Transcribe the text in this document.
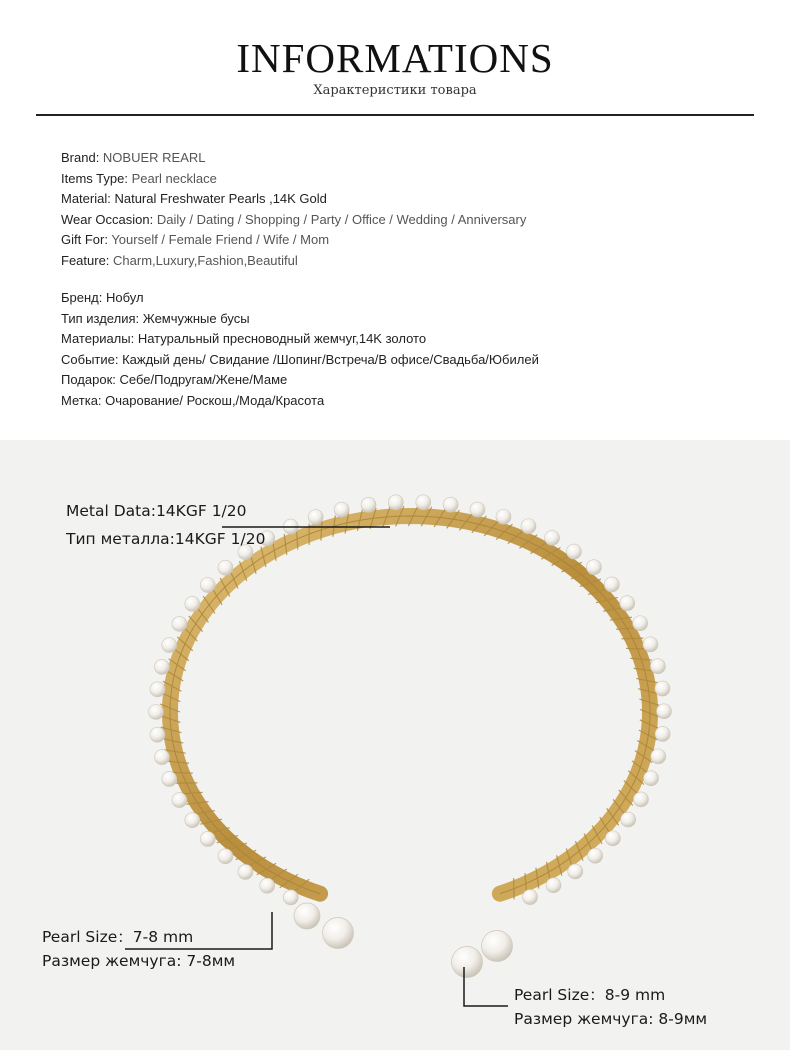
INFORMATIONS
Характеристики товара
Brand: NOBUER REARL
Items Type: Pearl necklace
Material: Natural Freshwater Pearls ,14K Gold
Wear Occasion: Daily / Dating / Shopping / Party / Office / Wedding / Anniversary
Gift For: Yourself / Female Friend / Wife / Mom
Feature: Charm,Luxury,Fashion,Beautiful
Бренд: Нобул
Тип изделия: Жемчужные бусы
Материалы: Натуральный пресноводный жемчуг,14K золото
Событие: Каждый день/ Свидание /Шопинг/Встреча/В офисе/Свадьба/Юбилей
Подарок: Себе/Подругам/Жене/Маме
Метка: Очарование/ Роскош,/Мода/Красота
Metal Data:14KGF 1/20
Тип металла:14KGF 1/20
Pearl Size：7-8 mm
Размер жемчуга: 7-8мм
Pearl Size：8-9 mm
Размер жемчуга: 8-9мм
